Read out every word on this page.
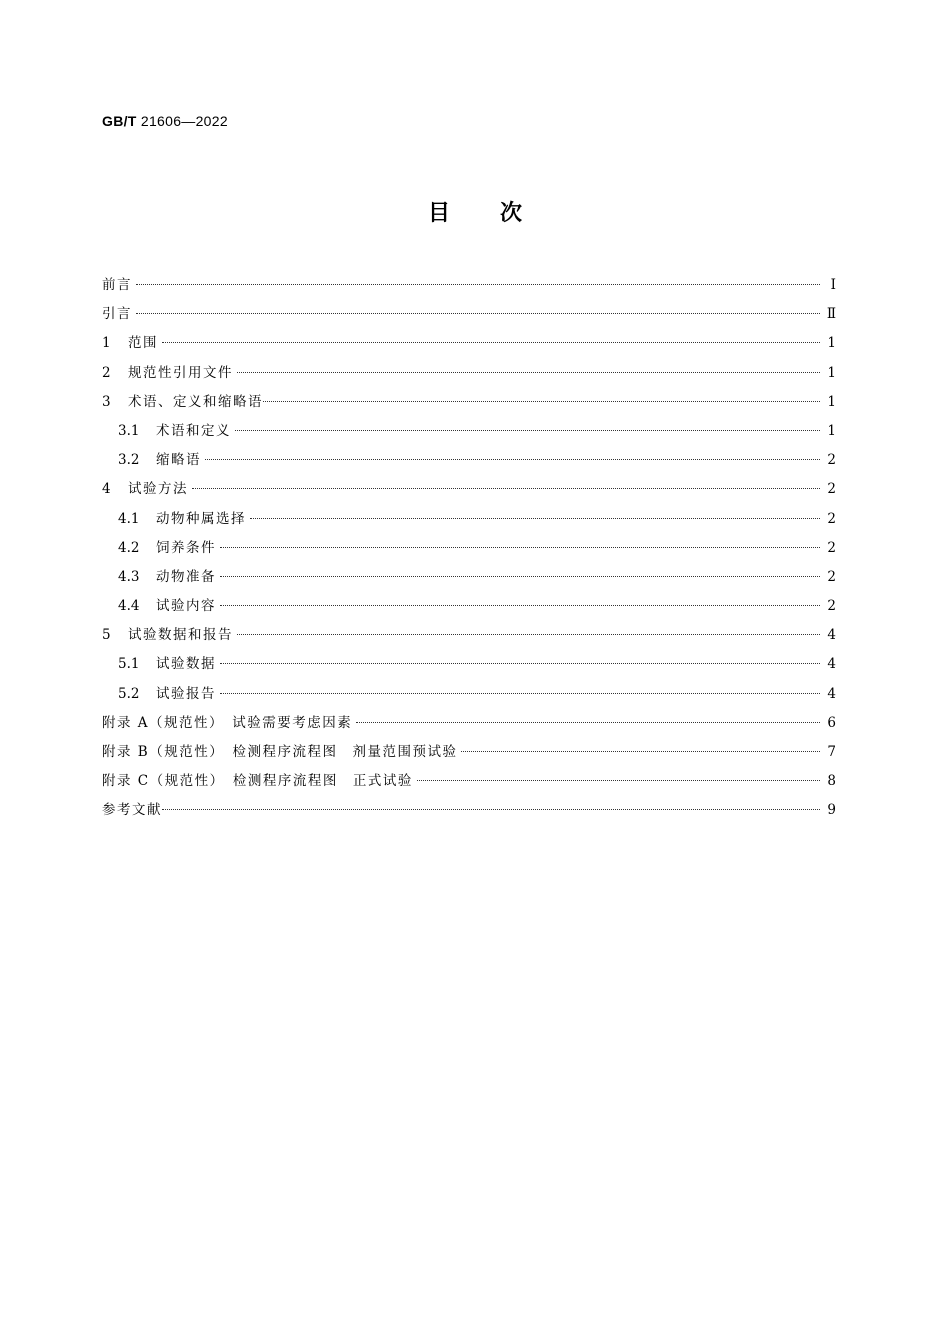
GB/T 21606—2022
目次
前言	Ⅰ
引言	Ⅱ
1	范围	1
2	规范性引用文件	1
3	术语、定义和缩略语	1
3.1	术语和定义	1
3.2	缩略语	2
4	试验方法	2
4.1	动物种属选择	2
4.2	饲养条件	2
4.3	动物准备	2
4.4	试验内容	2
5	试验数据和报告	4
5.1	试验数据	4
5.2	试验报告	4
附录 A（规范性）　试验需要考虑因素	6
附录 B（规范性）　检测程序流程图　剂量范围预试验	7
附录 C（规范性）　检测程序流程图　正式试验	8
参考文献	9
